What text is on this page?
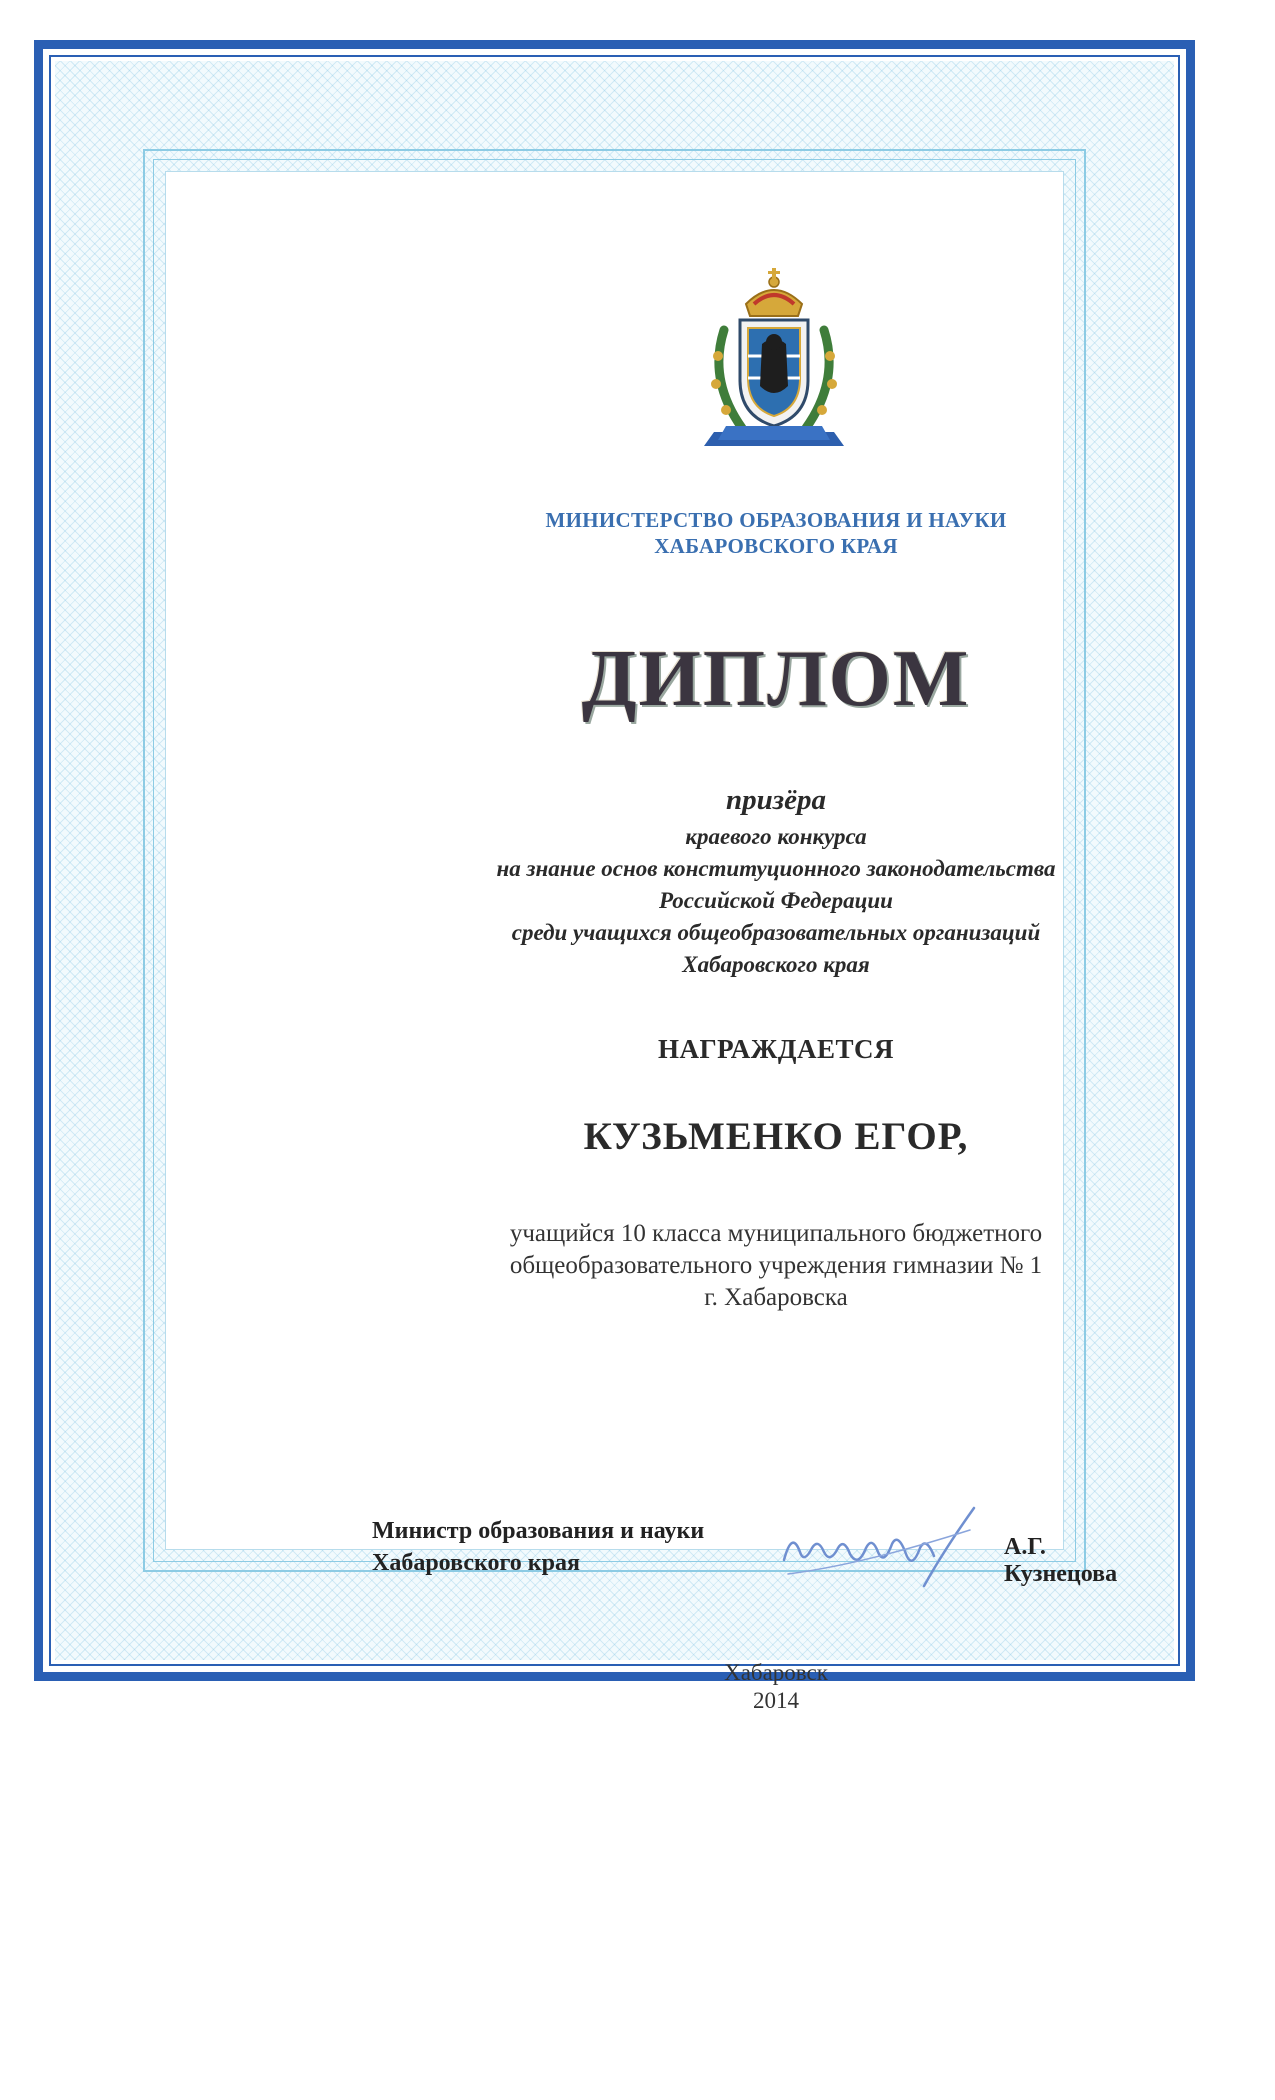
МИНИСТЕРСТВО ОБРАЗОВАНИЯ И НАУКИ
ХАБАРОВСКОГО КРАЯ
ДИПЛОМ
призёра
краевого конкурса
на знание основ конституционного законодательства
Российской Федерации
среди учащихся общеобразовательных организаций
Хабаровского края
НАГРАЖДАЕТСЯ
КУЗЬМЕНКО ЕГОР,
учащийся 10 класса муниципального бюджетного
общеобразовательного учреждения гимназии № 1
г. Хабаровска
Министр образования и науки
Хабаровского края
А.Г. Кузнецова
Хабаровск
2014
